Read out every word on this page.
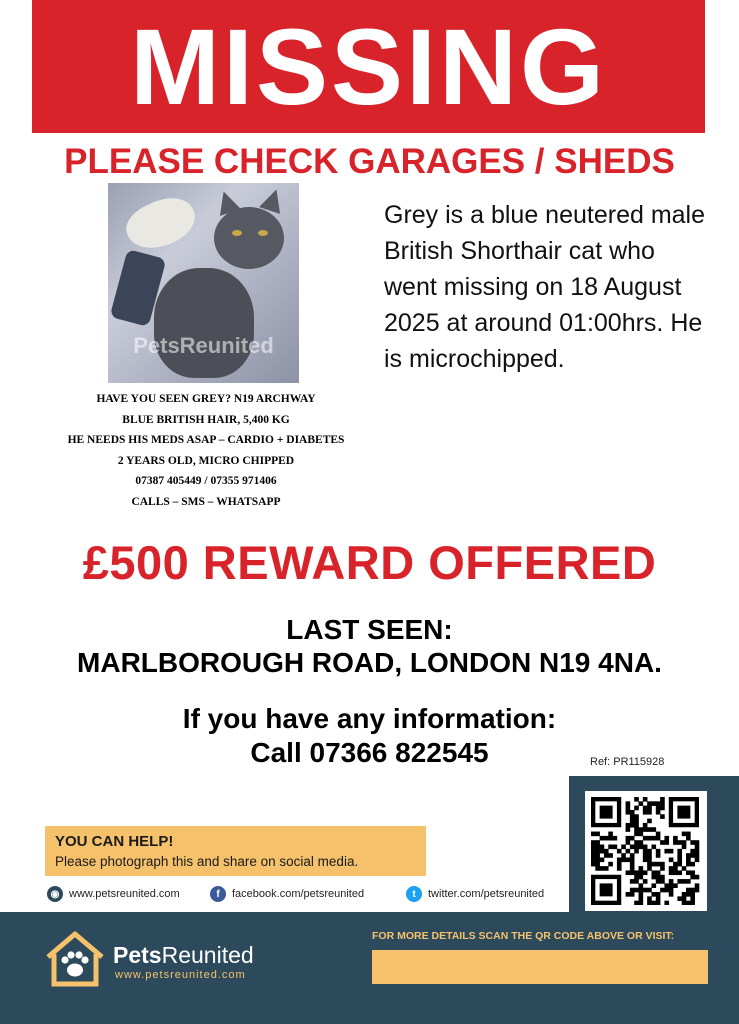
MISSING
PLEASE CHECK GARAGES / SHEDS
PetsReunited
HAVE YOU SEEN GREY? N19 ARCHWAY
BLUE BRITISH HAIR, 5,400 KG
HE NEEDS HIS MEDS ASAP – CARDIO + DIABETES
2 YEARS OLD, MICRO CHIPPED
07387 405449 / 07355 971406
CALLS – SMS – WHATSAPP
Grey is a blue neutered male British Shorthair cat who went missing on 18 August 2025 at around 01:00hrs. He is microchipped.
£500 REWARD OFFERED
LAST SEEN:
MARLBOROUGH ROAD, LONDON N19 4NA.
If you have any information:
Call 07366 822545	Ref: PR115928
YOU CAN HELP!
Please photograph this and share on social media.
◉ www.petsreunited.com	f	facebook.com/petsreunited	t	twitter.com/petsreunited
PetsReunited
www.petsreunited.com
FOR MORE DETAILS SCAN THE QR CODE ABOVE OR VISIT:
